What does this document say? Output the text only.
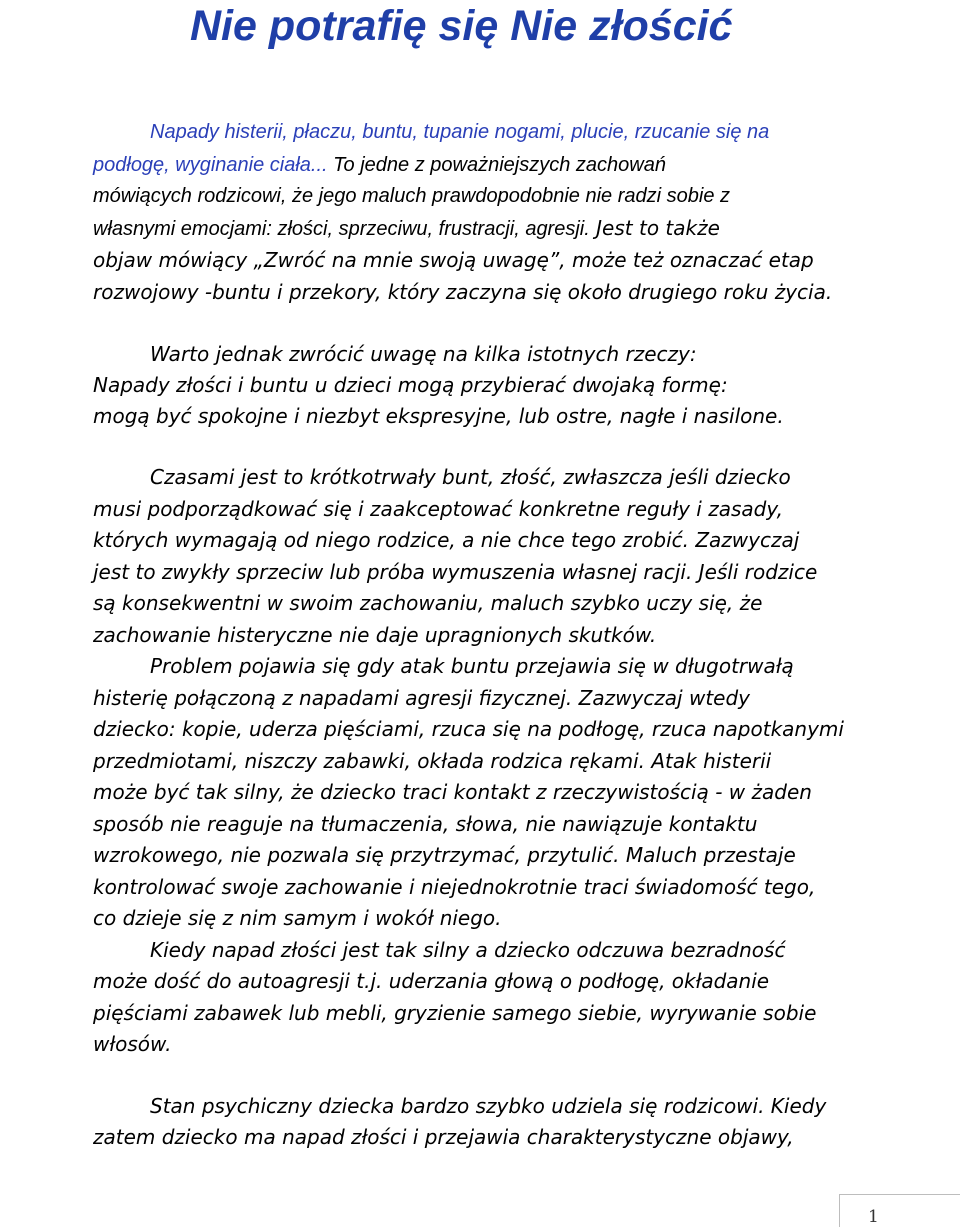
Nie potrafię się Nie złościć
Napady histerii, płaczu, buntu, tupanie nogami, plucie, rzucanie się na
podłogę, wyginanie ciała... To jedne z poważniejszych zachowań
mówiących rodzicowi, że jego maluch prawdopodobnie nie radzi sobie z
własnymi emocjami: złości, sprzeciwu, frustracji, agresji. Jest to także
objaw mówiący „Zwróć na mnie swoją uwagę”, może też oznaczać etap
rozwojowy -buntu i przekory, który zaczyna się około drugiego roku życia.
Warto jednak zwrócić uwagę na kilka istotnych rzeczy:
Napady złości i buntu u dzieci mogą przybierać dwojaką formę:
mogą być spokojne i niezbyt ekspresyjne, lub ostre, nagłe i nasilone.
Czasami jest to krótkotrwały bunt, złość, zwłaszcza jeśli dziecko
musi podporządkować się i zaakceptować konkretne reguły i zasady,
których wymagają od niego rodzice, a nie chce tego zrobić. Zazwyczaj
jest to zwykły sprzeciw lub próba wymuszenia własnej racji. Jeśli rodzice
są konsekwentni w swoim zachowaniu, maluch szybko uczy się, że
zachowanie histeryczne nie daje upragnionych skutków.
Problem pojawia się gdy atak buntu przejawia się w długotrwałą
histerię połączoną z napadami agresji fizycznej. Zazwyczaj wtedy
dziecko: kopie, uderza pięściami, rzuca się na podłogę, rzuca napotkanymi
przedmiotami, niszczy zabawki, okłada rodzica rękami. Atak histerii
może być tak silny, że dziecko traci kontakt z rzeczywistością - w żaden
sposób nie reaguje na tłumaczenia, słowa, nie nawiązuje kontaktu
wzrokowego, nie pozwala się przytrzymać, przytulić. Maluch przestaje
kontrolować swoje zachowanie i niejednokrotnie traci świadomość tego,
co dzieje się z nim samym i wokół niego.
Kiedy napad złości jest tak silny a dziecko odczuwa bezradność
może dość do autoagresji t.j. uderzania głową o podłogę, okładanie
pięściami zabawek lub mebli, gryzienie samego siebie, wyrywanie sobie
włosów.
Stan psychiczny dziecka bardzo szybko udziela się rodzicowi. Kiedy
zatem dziecko ma napad złości i przejawia charakterystyczne objawy,
1
